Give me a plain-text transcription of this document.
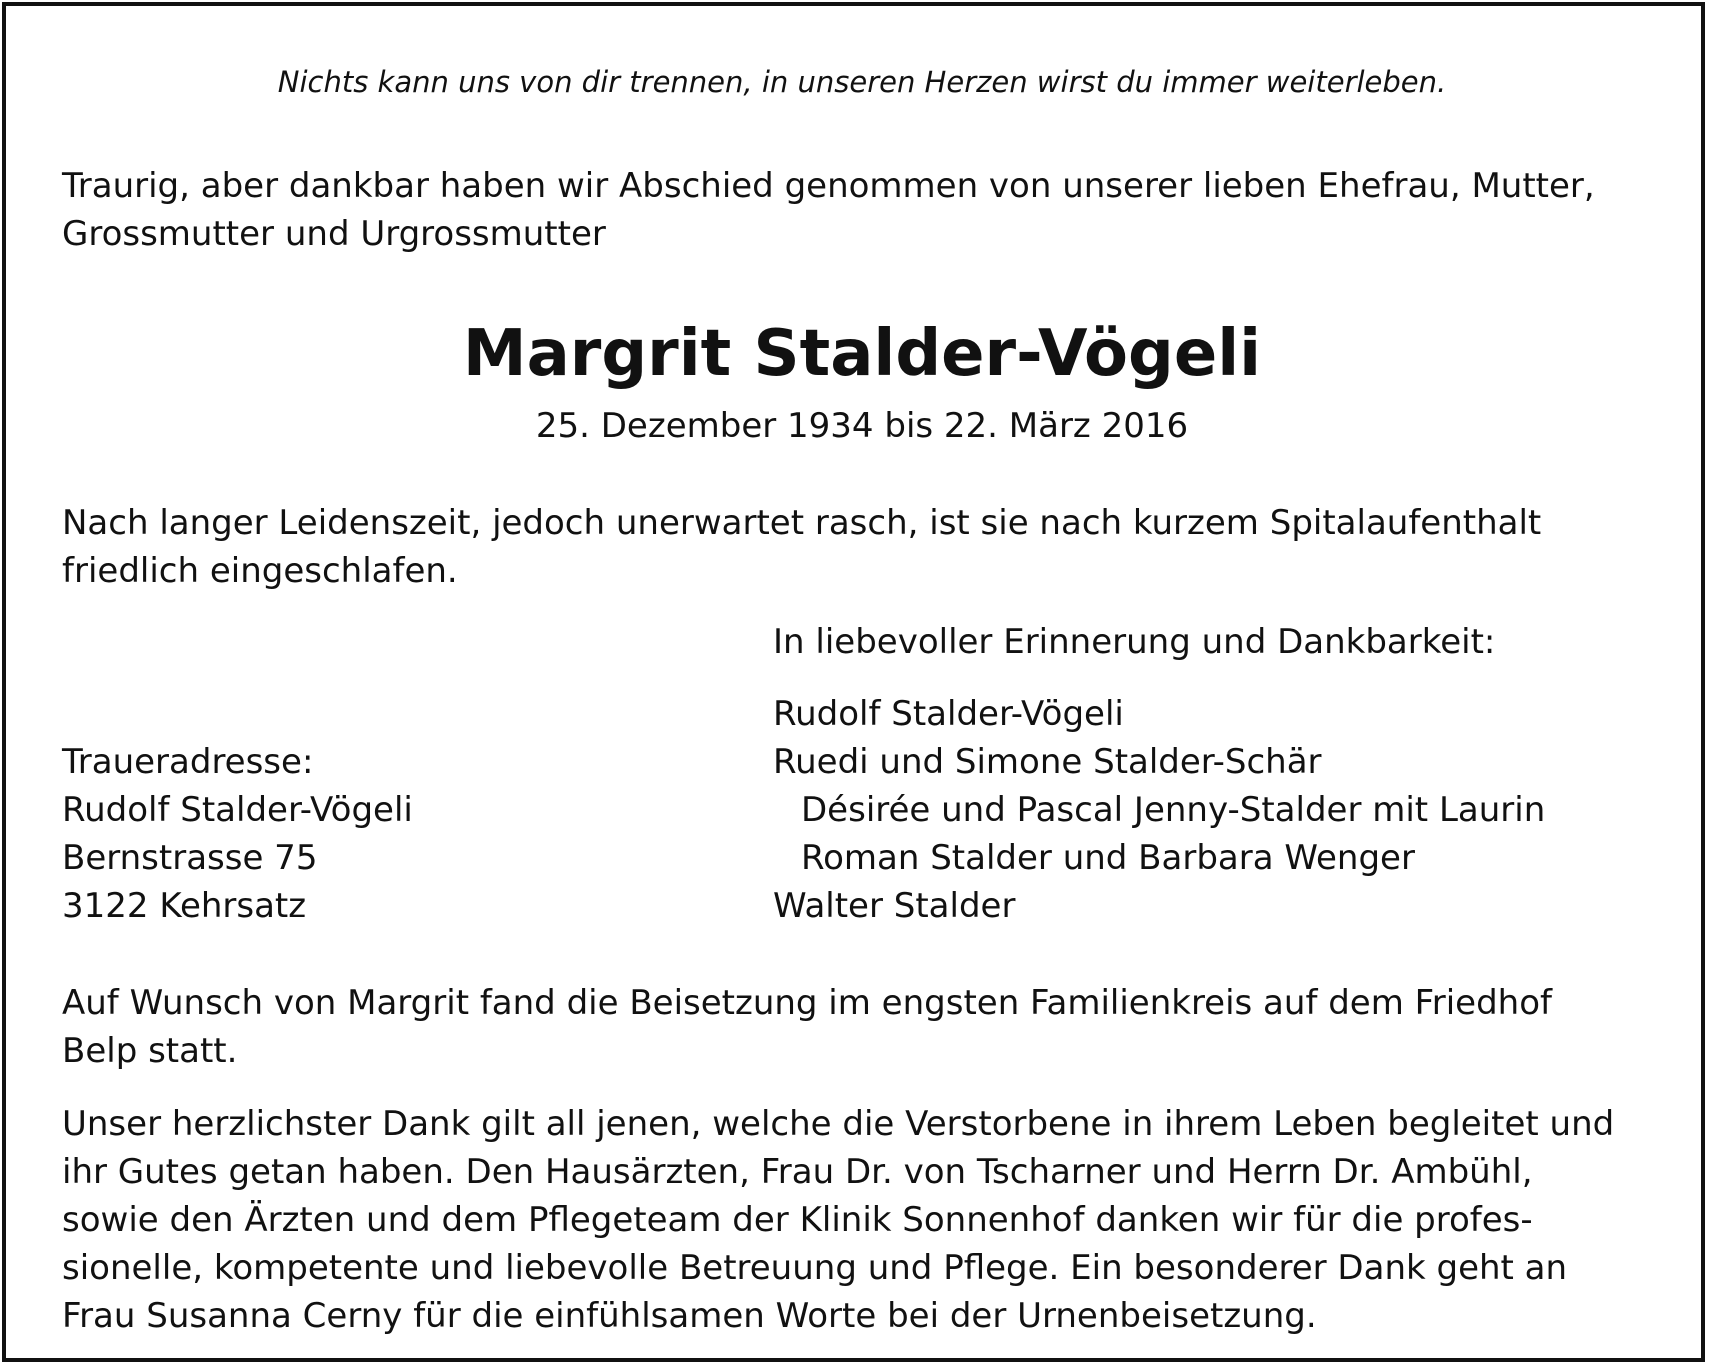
Nichts kann uns von dir trennen, in unseren Herzen wirst du immer weiterleben.
Traurig, aber dankbar haben wir Abschied genommen von unserer lieben Ehefrau, Mutter,
Grossmutter und Urgrossmutter
Margrit Stalder-Vögeli
25. Dezember 1934 bis 22. März 2016
Nach langer Leidenszeit, jedoch unerwartet rasch, ist sie nach kurzem Spitalaufenthalt
friedlich eingeschlafen.
In liebevoller Erinnerung und Dankbarkeit:
Rudolf Stalder-Vögeli
Ruedi und Simone Stalder-Schär
Désirée und Pascal Jenny-Stalder mit Laurin
Roman Stalder und Barbara Wenger
Walter Stalder
Traueradresse:
Rudolf Stalder-Vögeli
Bernstrasse 75
3122 Kehrsatz
Auf Wunsch von Margrit fand die Beisetzung im engsten Familienkreis auf dem Friedhof
Belp statt.
Unser herzlichster Dank gilt all jenen, welche die Verstorbene in ihrem Leben begleitet und
ihr Gutes getan haben. Den Hausärzten, Frau Dr. von Tscharner und Herrn Dr. Ambühl,
sowie den Ärzten und dem Pflegeteam der Klinik Sonnenhof danken wir für die profes-
sionelle, kompetente und liebevolle Betreuung und Pflege. Ein besonderer Dank geht an
Frau Susanna Cerny für die einfühlsamen Worte bei der Urnenbeisetzung.
